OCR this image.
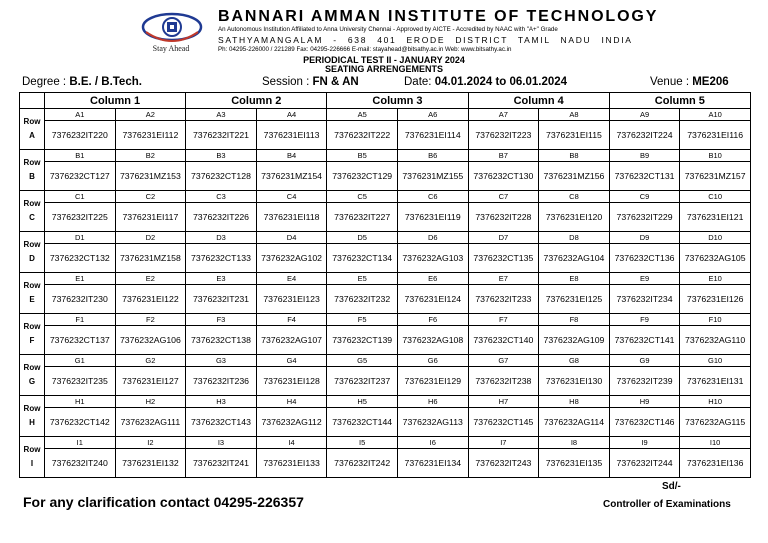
Stay Ahead
BANNARI AMMAN INSTITUTE OF TECHNOLOGY
An Autonomous Institution Affiliated to Anna University Chennai - Approved by AICTE - Accredited by NAAC with "A+" Grade
SATHYAMANGALAM - 638 401 ERODE DISTRICT TAMIL NADU INDIA
Ph: 04295-226000 / 221289 Fax: 04295-226666 E-mail: stayahead@bitsathy.ac.in Web: www.bitsathy.ac.in
PERIODICAL TEST II - JANUARY 2024
SEATING ARRENGEMENTS
Degree : B.E. / B.Tech.	Session : FN & AN	Date: 04.01.2024 to 06.01.2024	Venue : ME206
	Column 1		Column 2		Column 3		Column 4		Column 5	

Row
A	A1	A2	A3	A4	A5	A6	A7	A8	A9	A10
	7376232IT220	7376231EI112	7376232IT221	7376231EI113	7376232IT222	7376231EI114	7376232IT223	7376231EI115	7376232IT224	7376231EI116

Row
B	B1	B2	B3	B4	B5	B6	B7	B8	B9	B10
	7376232CT127	7376231MZ153	7376232CT128	7376231MZ154	7376232CT129	7376231MZ155	7376232CT130	7376231MZ156	7376232CT131	7376231MZ157

Row
C	C1	C2	C3	C4	C5	C6	C7	C8	C9	C10
	7376232IT225	7376231EI117	7376232IT226	7376231EI118	7376232IT227	7376231EI119	7376232IT228	7376231EI120	7376232IT229	7376231EI121

Row
D	D1	D2	D3	D4	D5	D6	D7	D8	D9	D10
	7376232CT132	7376231MZ158	7376232CT133	7376232AG102	7376232CT134	7376232AG103	7376232CT135	7376232AG104	7376232CT136	7376232AG105

Row
E	E1	E2	E3	E4	E5	E6	E7	E8	E9	E10
	7376232IT230	7376231EI122	7376232IT231	7376231EI123	7376232IT232	7376231EI124	7376232IT233	7376231EI125	7376232IT234	7376231EI126

Row
F	F1	F2	F3	F4	F5	F6	F7	F8	F9	F10
	7376232CT137	7376232AG106	7376232CT138	7376232AG107	7376232CT139	7376232AG108	7376232CT140	7376232AG109	7376232CT141	7376232AG110

Row
G	G1	G2	G3	G4	G5	G6	G7	G8	G9	G10
	7376232IT235	7376231EI127	7376232IT236	7376231EI128	7376232IT237	7376231EI129	7376232IT238	7376231EI130	7376232IT239	7376231EI131

Row
H	H1	H2	H3	H4	H5	H6	H7	H8	H9	H10
	7376232CT142	7376232AG111	7376232CT143	7376232AG112	7376232CT144	7376232AG113	7376232CT145	7376232AG114	7376232CT146	7376232AG115

Row
I	I1	I2	I3	I4	I5	I6	I7	I8	I9	I10
	7376232IT240	7376231EI132	7376232IT241	7376231EI133	7376232IT242	7376231EI134	7376232IT243	7376231EI135	7376232IT244	7376231EI136
For any clarification contact 04295-226357
Sd/-
Controller of Examinations
